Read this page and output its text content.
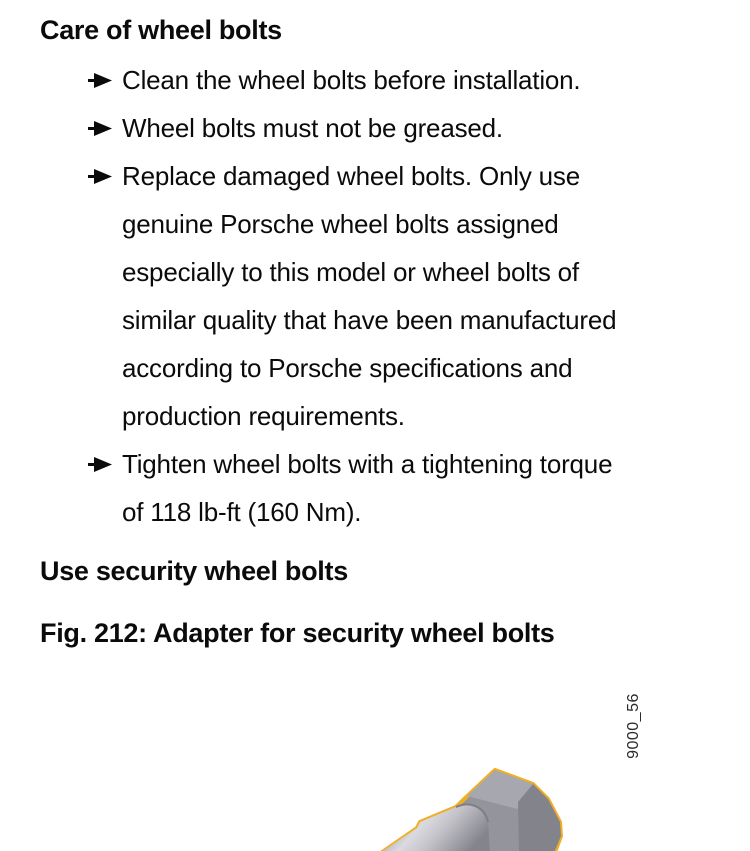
Care of wheel bolts
Clean the wheel bolts before installation.
Wheel bolts must not be greased.
Replace damaged wheel bolts. Only use
genuine Porsche wheel bolts assigned
especially to this model or wheel bolts of
similar quality that have been manufactured
according to Porsche specifications and
production requirements.
Tighten wheel bolts with a tightening torque
of 118 lb-ft (160 Nm).
Use security wheel bolts
Fig. 212: Adapter for security wheel bolts
9000_56
